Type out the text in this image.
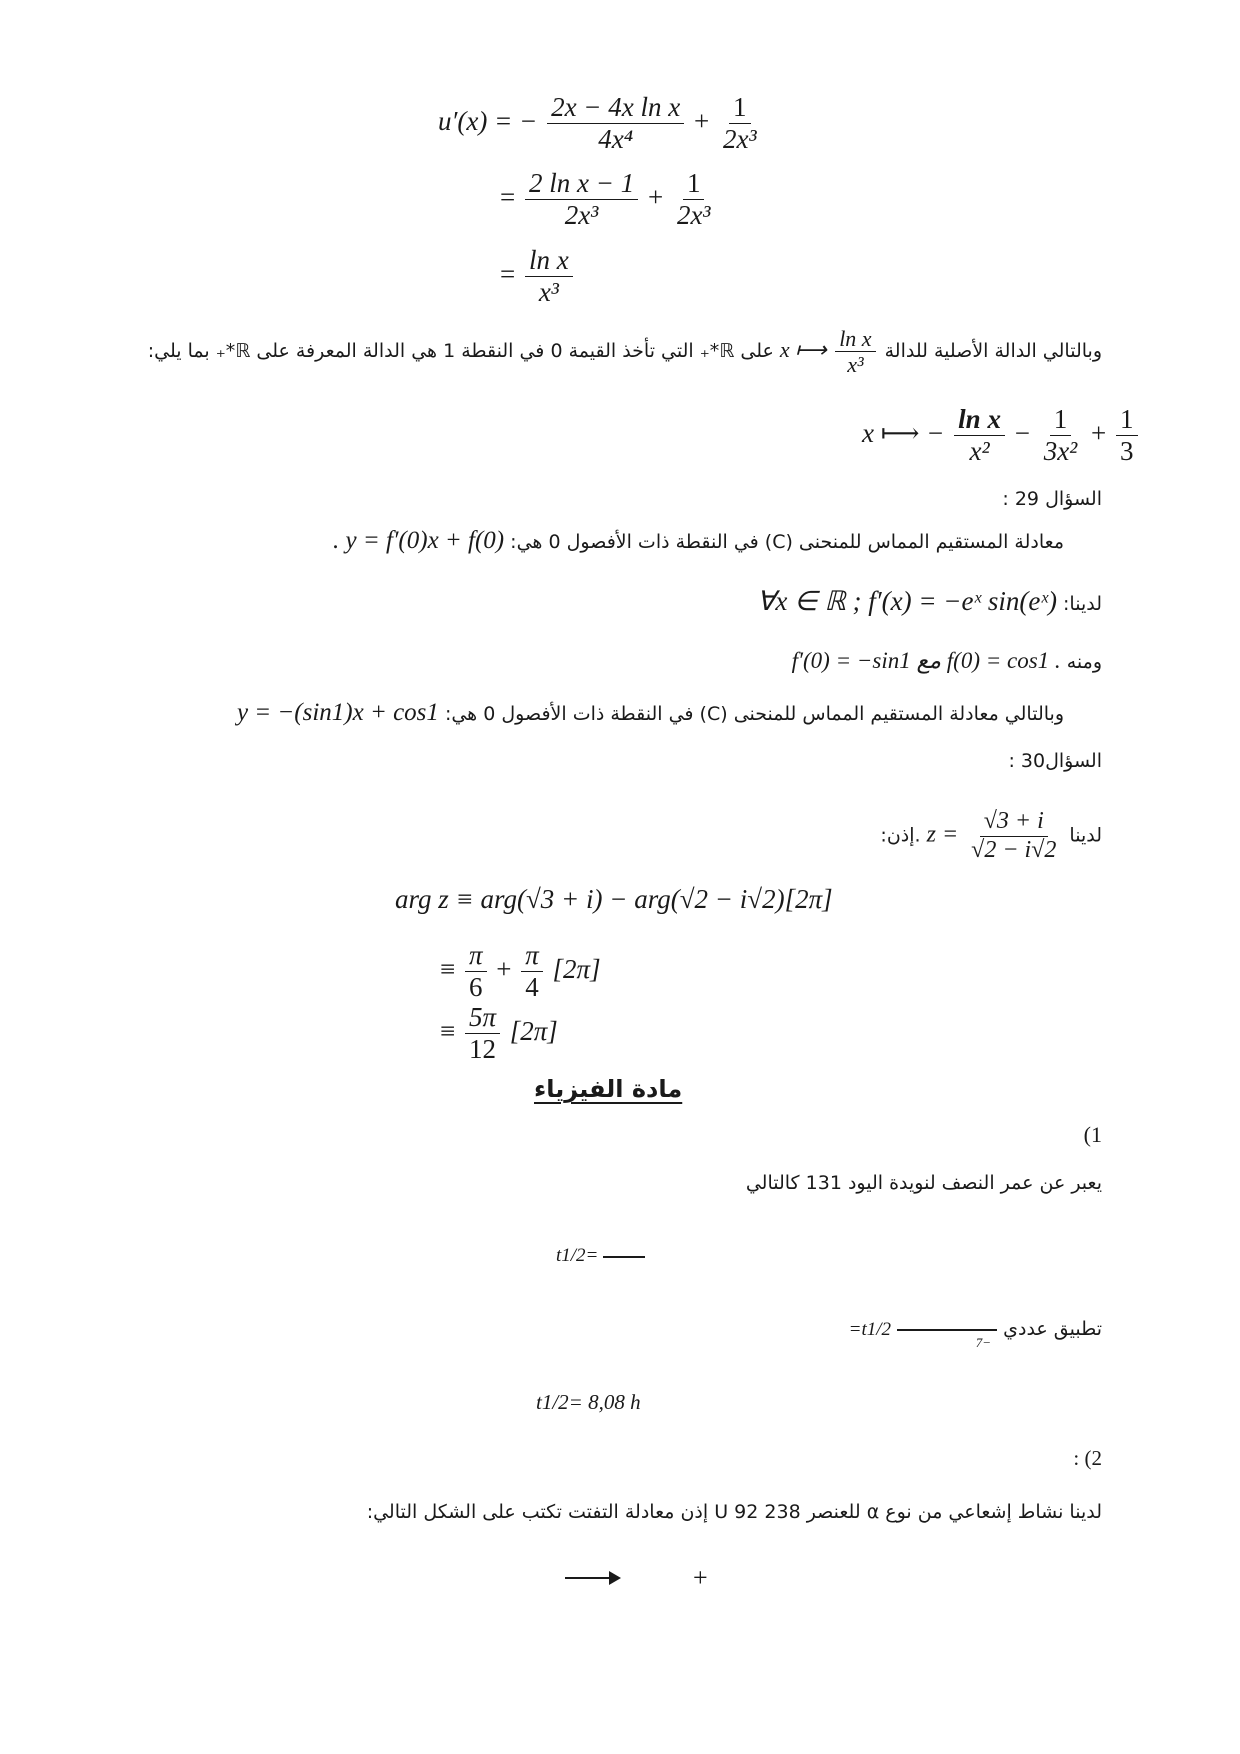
u′(x) = − $\frac{\text{2x − 4x ln x}}{\text{4x⁴}} + \frac{1}{\text{2x³}}$
= $\frac{\text{2 ln x − 1}}{\text{2x³}} + \frac{1}{\text{2x³}}$
= $\frac{\text{ln x}}{\text{x³}}$
وبالتالي الدالة الأصلية للدالة x ⟼ $\frac{\text{ln x}}{\text{x³}}$
على ℝ*₊ التي تأخذ القيمة 0 في النقطة 1 هي الدالة المعرفة على ℝ*₊ بما يلي:
x ⟼ − $\frac{\text{ln x}}{\text{x²}} - \frac{1}{\text{3x²}} + \frac{1}{3}$
السؤال 29 :
معادلة المستقيم المماس للمنحنى (C) في النقطة ذات الأفصول 0 هي: . y = f′(0)x + f(0)
لدينا: ∀x ∈ ℝ ; f′(x) = −eˣ sin(eˣ)
ومنه . f(0) = cos1 مع f′(0) = −sin1
وبالتالي معادلة المستقيم المماس للمنحنى (C) في النقطة ذات الأفصول 0 هي: y = −(sin1)x + cos1
السؤال30 :
لدينا $z = \frac{√3 + i}{√2 - i√2}$
.إذن:
arg z ≡ arg(√3 + i) − arg(√2 − i√2)[2π]
≡ $\frac{\pi}{6} + \frac{\pi}{4} [2\pi]$
≡ $\frac{5\pi}{12} [2\pi]$
مادة الفيزياء
(1
يعبر عن عمر النصف لنويدة اليود 131 كالتالي
t1/2=
تطبيق عددي
−7
t1/2=
t1/2= 8,08 h
: (2
لدينا نشاط إشعاعي من نوع α للعنصر 238 92 U إذن معادلة التفتت تكتب على الشكل التالي:
+
